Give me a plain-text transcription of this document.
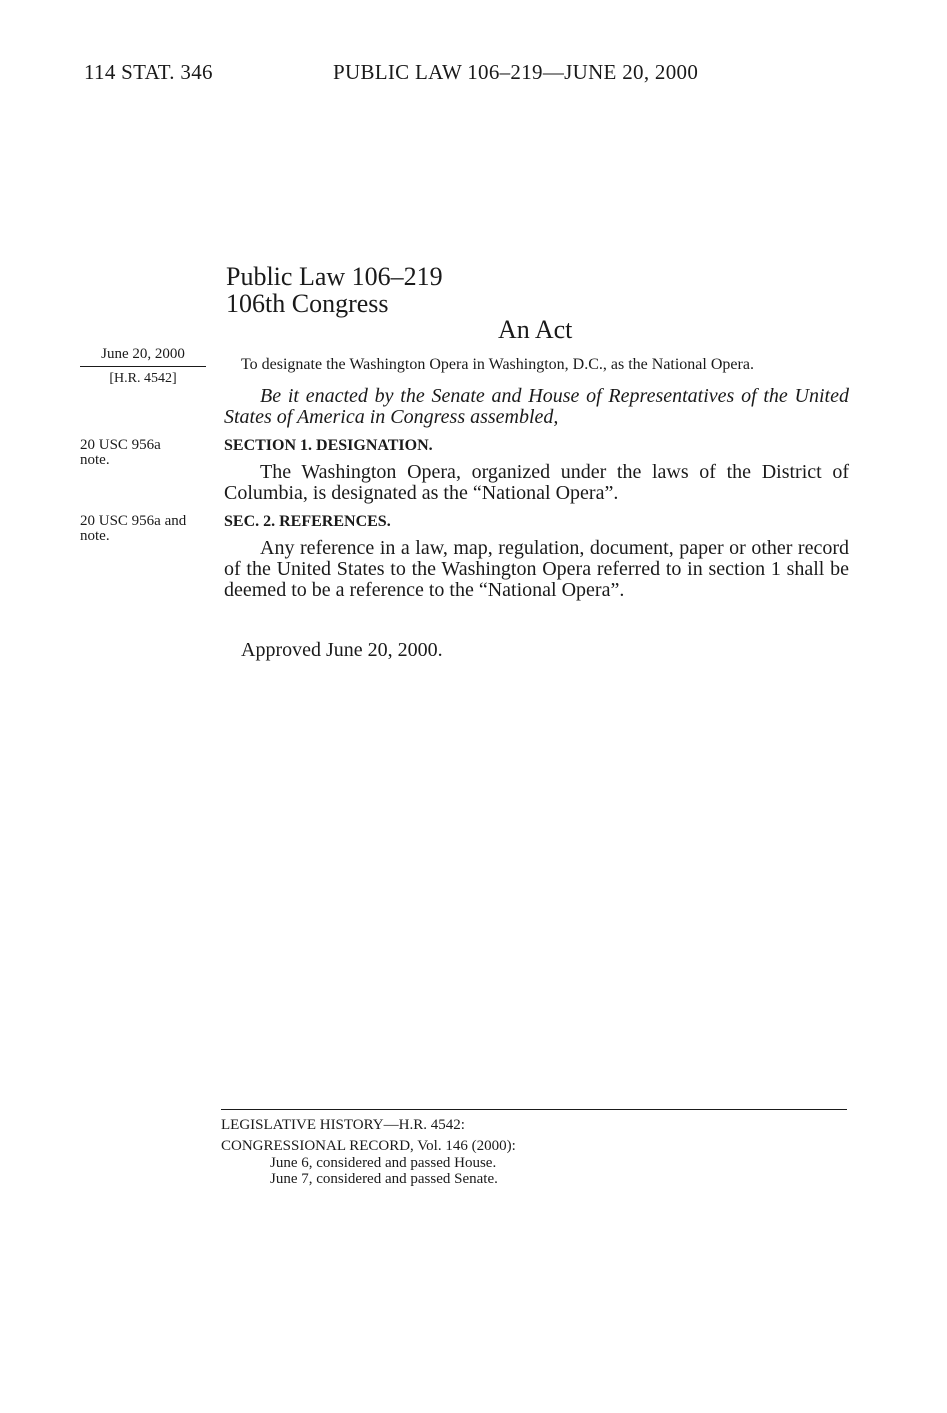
114 STAT. 346	PUBLIC LAW 106–219—JUNE 20, 2000
Public Law 106–219
106th Congress
An Act
June 20, 2000
[H.R. 4542]
20 USC 956a note.
20 USC 956a and note.
To designate the Washington Opera in Washington, D.C., as the National Opera.
Be it enacted by the Senate and House of Representatives of the United States of America in Congress assembled,
SECTION 1. DESIGNATION.
The Washington Opera, organized under the laws of the District of Columbia, is designated as the “National Opera”.
SEC. 2. REFERENCES.
Any reference in a law, map, regulation, document, paper or other record of the United States to the Washington Opera referred to in section 1 shall be deemed to be a reference to the “National Opera”.
Approved June 20, 2000.
LEGISLATIVE HISTORY—H.R. 4542:
CONGRESSIONAL RECORD, Vol. 146 (2000):
June 6, considered and passed House.
June 7, considered and passed Senate.
